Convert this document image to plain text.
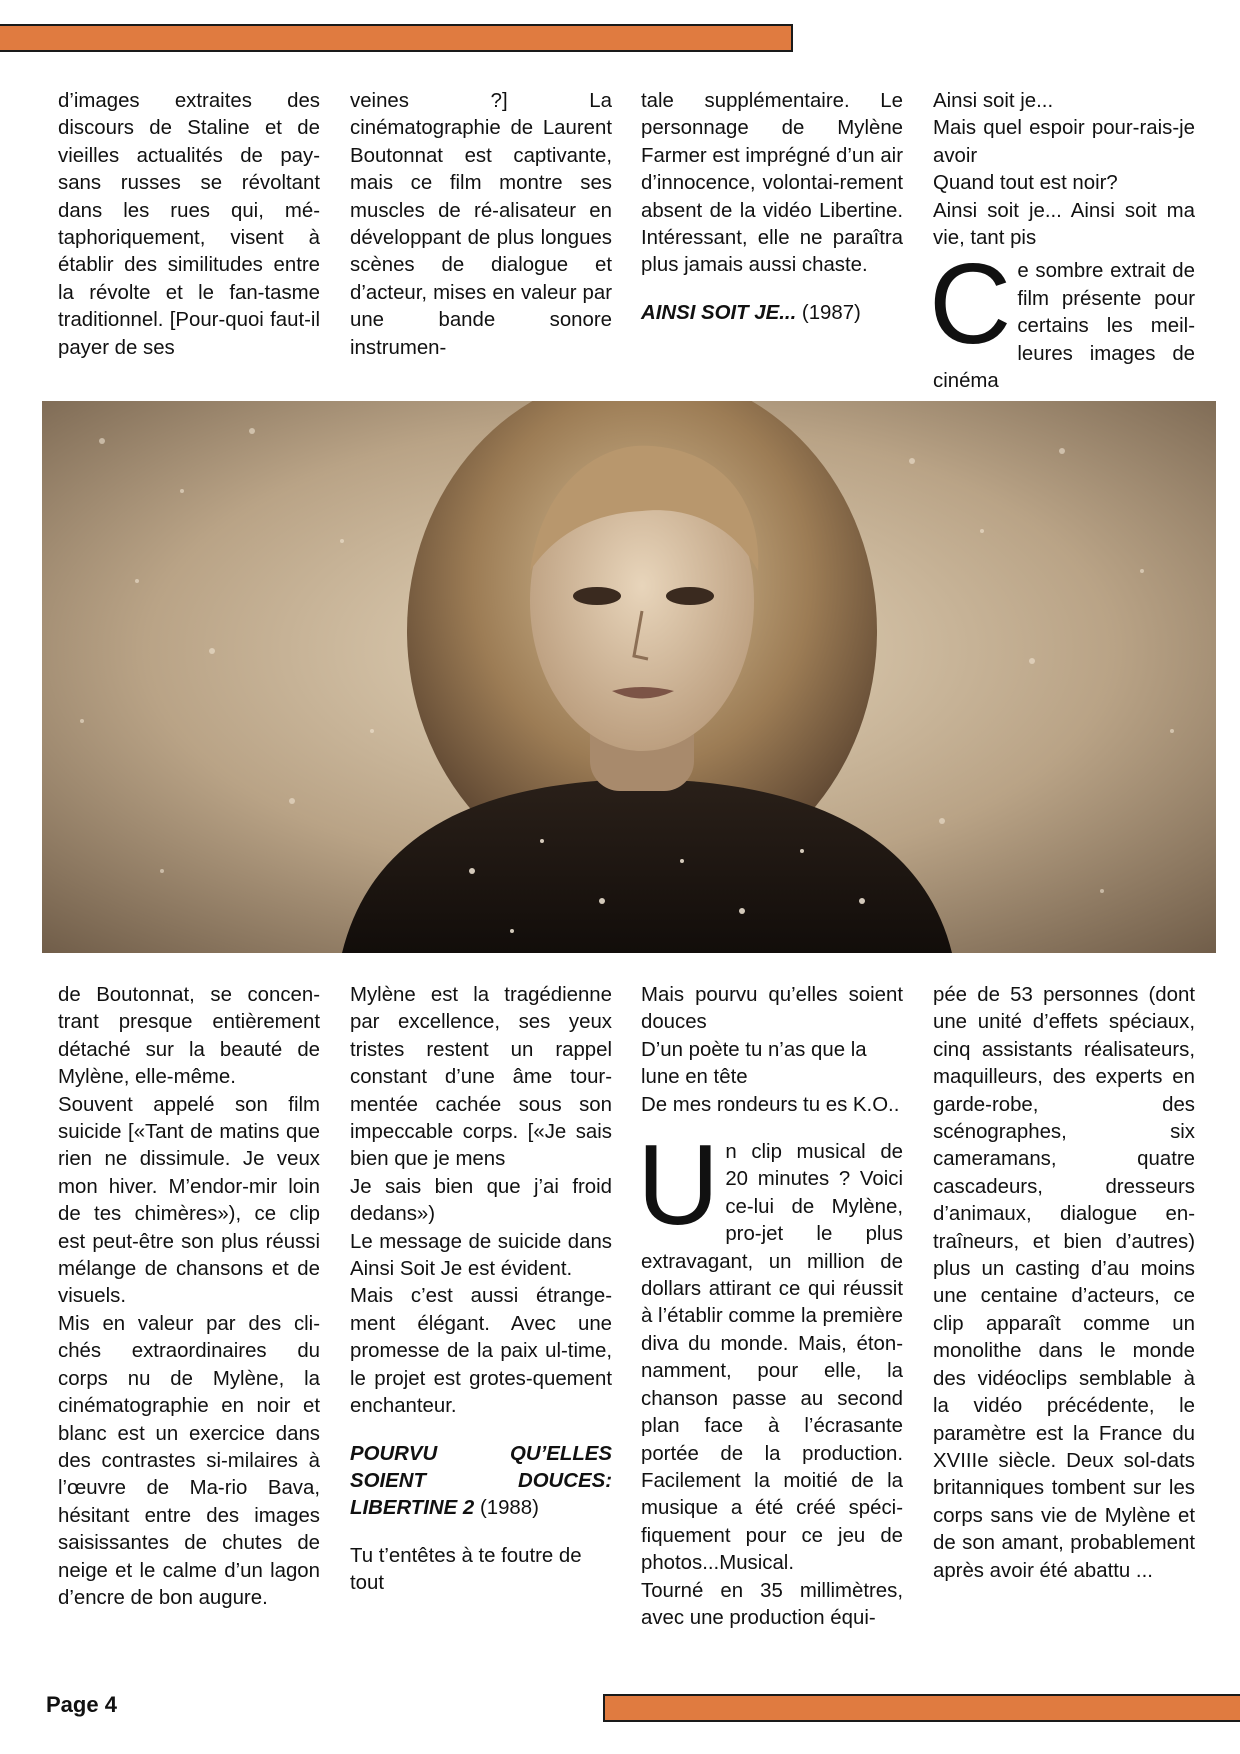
d’images extraites des discours de Staline et de vieilles actualités de pay-sans russes se révoltant dans les rues qui, mé-taphoriquement, visent à établir des similitudes entre la révolte et le fan-tasme traditionnel. [Pour-quoi faut-il payer de ses

veines ?] La cinématographie de Laurent Boutonnat est captivante, mais ce film montre ses muscles de ré-alisateur en développant de plus longues scènes de dialogue et d’acteur, mises en valeur par une bande sonore instrumen-

tale supplémentaire. Le personnage de Mylène Farmer est imprégné d’un air d’innocence, volontai-rement absent de la vidéo Libertine. Intéressant, elle ne paraîtra plus jamais aussi chaste.

AINSI SOIT JE... (1987)

Ainsi soit je...

Mais quel espoir pour-rais-je avoir

Quand tout est noir?

Ainsi soit je... Ainsi soit ma vie, tant pis

Ce sombre extrait de film présente pour certains les meil-leures images de cinéma

de Boutonnat, se concen-trant presque entièrement détaché sur la beauté de Mylène, elle-même.

Souvent appelé son film suicide [«Tant de matins que rien ne dissimule. Je veux mon hiver. M’endor-mir loin de tes chimères»), ce clip est peut-être son plus réussi mélange de chansons et de visuels.

Mis en valeur par des cli-chés extraordinaires du corps nu de Mylène, la cinématographie en noir et blanc est un exercice dans des contrastes si-milaires à l’œuvre de Ma-rio Bava, hésitant entre des images saisissantes de chutes de neige et le calme d’un lagon d’encre de bon augure.

Mylène est la tragédienne par excellence, ses yeux tristes restent un rappel constant d’une âme tour-mentée cachée sous son impeccable corps. [«Je sais bien que je mens

Je sais bien que j’ai froid dedans»)

Le message de suicide dans Ainsi Soit Je est évident.

Mais c’est aussi étrange-ment élégant. Avec une promesse de la paix ul-time, le projet est grotes-quement enchanteur.

POURVU QU’ELLES SOIENT DOUCES: LIBERTINE 2 (1988)

Tu t’entêtes à te foutre de tout

Mais pourvu qu’elles soient douces

D’un poète tu n’as que la lune en tête

De mes rondeurs tu es K.O..

Un clip musical de 20 minutes ? Voici ce-lui de Mylène, pro-jet le plus extravagant, un million de dollars attirant ce qui réussit à l’établir comme la première diva du monde. Mais, éton-namment, pour elle, la chanson passe au second plan face à l’écrasante portée de la production. Facilement la moitié de la musique a été créé spéci-fiquement pour ce jeu de photos...Musical.

Tourné en 35 millimètres, avec une production équi-

pée de 53 personnes (dont une unité d’effets spéciaux, cinq assistants réalisateurs, maquilleurs, des experts en garde-robe, des scénographes, six cameramans, quatre cascadeurs, dresseurs d’animaux, dialogue en-traîneurs, et bien d’autres) plus un casting d’au moins une centaine d’acteurs, ce clip apparaît comme un monolithe dans le monde des vidéoclips semblable à la vidéo précédente, le paramètre est la France du XVIIIe siècle. Deux sol-dats britanniques tombent sur les corps sans vie de Mylène et de son amant, probablement après avoir été abattu ...

Page 4
